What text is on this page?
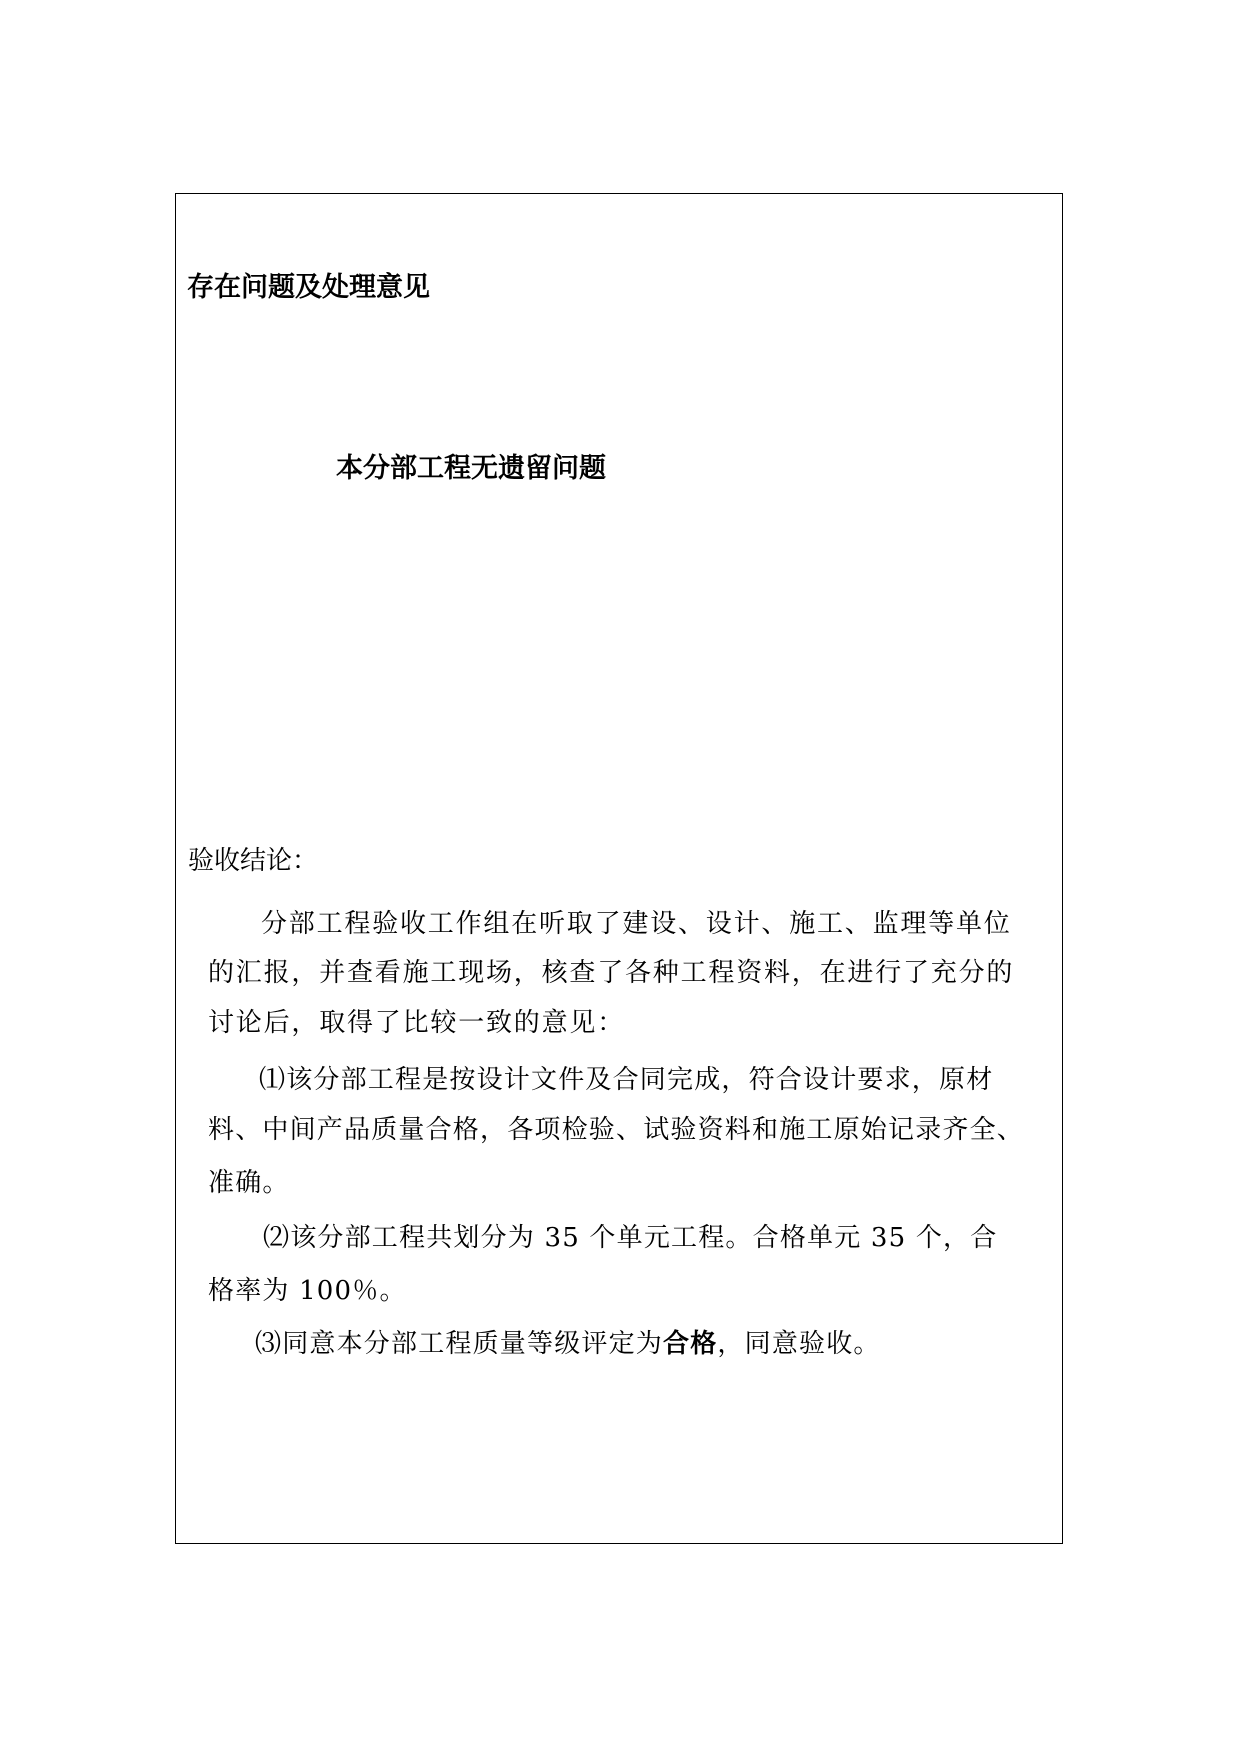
存在问题及处理意见
本分部工程无遗留问题
验收结论：
分部工程验收工作组在听取了建设、设计、施工、监理等单位
的汇报，并查看施工现场，核查了各种工程资料，在进行了充分的
讨论后，取得了比较一致的意见：
⑴该分部工程是按设计文件及合同完成，符合设计要求，原材
料、中间产品质量合格，各项检验、试验资料和施工原始记录齐全、
准确。
⑵该分部工程共划分为 35 个单元工程。合格单元 35 个，合
格率为 100％。
⑶同意本分部工程质量等级评定为合格，同意验收。
